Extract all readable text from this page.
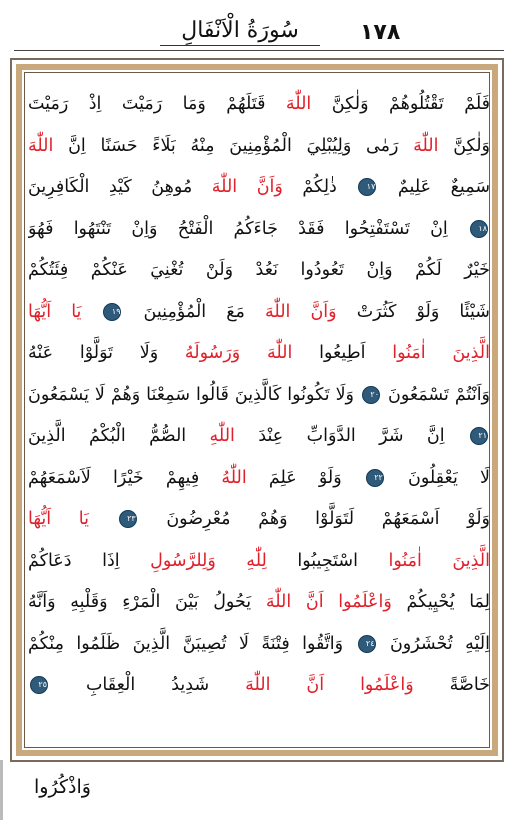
سُورَةُ الْاَنْفَالِ	١٧٨
فَلَمْ تَقْتُلُوهُمْ وَلٰكِنَّ اللّٰهَ قَتَلَهُمْ وَمَا رَمَيْتَ اِذْ رَمَيْتَ
وَلٰكِنَّ اللّٰهَ رَمٰى وَلِيُبْلِيَ الْمُؤْمِنِينَ مِنْهُ بَلَاءً حَسَنًا اِنَّ اللّٰهَ
سَمِيعٌ عَلِيمٌ ١٧ ذٰلِكُمْ وَاَنَّ اللّٰهَ مُوهِنُ كَيْدِ الْكَافِرِينَ
١٨ اِنْ تَسْتَفْتِحُوا فَقَدْ جَاءَكُمُ الْفَتْحُ وَاِنْ تَنْتَهُوا فَهُوَ
خَيْرٌ لَكُمْ وَاِنْ تَعُودُوا نَعُدْ وَلَنْ تُغْنِيَ عَنْكُمْ فِئَتُكُمْ
شَيْئًا وَلَوْ كَثُرَتْ وَاَنَّ اللّٰهَ مَعَ الْمُؤْمِنِينَ ١٩ يَا اَيُّهَا
الَّذِينَ اٰمَنُوا اَطِيعُوا اللّٰهَ وَرَسُولَهُ وَلَا تَوَلَّوْا عَنْهُ
وَاَنْتُمْ تَسْمَعُونَ ٢٠ وَلَا تَكُونُوا كَالَّذِينَ قَالُوا سَمِعْنَا وَهُمْ لَا يَسْمَعُونَ
٢١ اِنَّ شَرَّ الدَّوَابِّ عِنْدَ اللّٰهِ الصُّمُّ الْبُكْمُ الَّذِينَ
لَا يَعْقِلُونَ ٢٢ وَلَوْ عَلِمَ اللّٰهُ فِيهِمْ خَيْرًا لَاَسْمَعَهُمْ
وَلَوْ اَسْمَعَهُمْ لَتَوَلَّوْا وَهُمْ مُعْرِضُونَ ٢٣ يَا اَيُّهَا
الَّذِينَ اٰمَنُوا اسْتَجِيبُوا لِلّٰهِ وَلِلرَّسُولِ اِذَا دَعَاكُمْ
لِمَا يُحْيِيكُمْ وَاعْلَمُوا اَنَّ اللّٰهَ يَحُولُ بَيْنَ الْمَرْءِ وَقَلْبِهِ وَاَنَّهُ
اِلَيْهِ تُحْشَرُونَ ٢٤ وَاتَّقُوا فِتْنَةً لَا تُصِيبَنَّ الَّذِينَ ظَلَمُوا مِنْكُمْ
خَاصَّةً وَاعْلَمُوا اَنَّ اللّٰهَ شَدِيدُ الْعِقَابِ ٢٥
وَاذْكُرُوا
